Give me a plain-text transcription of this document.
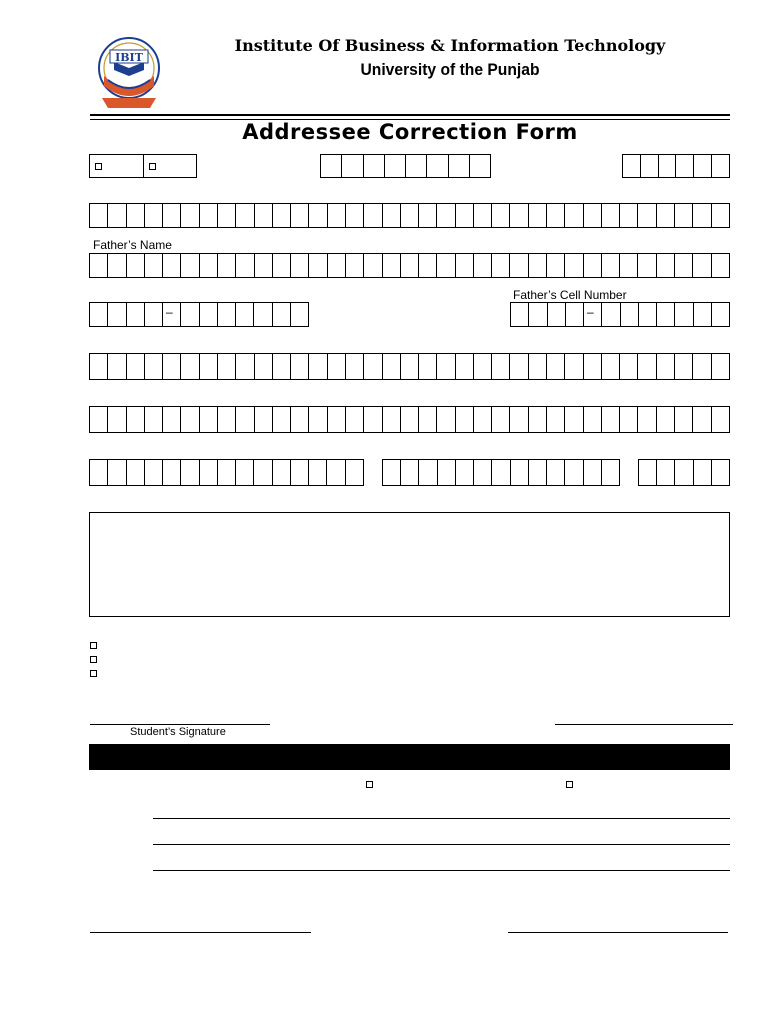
IBIT
Institute Of Business & Information Technology
University of the Punjab
Addressee Correction Form
Father’s Name
–
Father’s Cell Number
–
Student’s Signature
